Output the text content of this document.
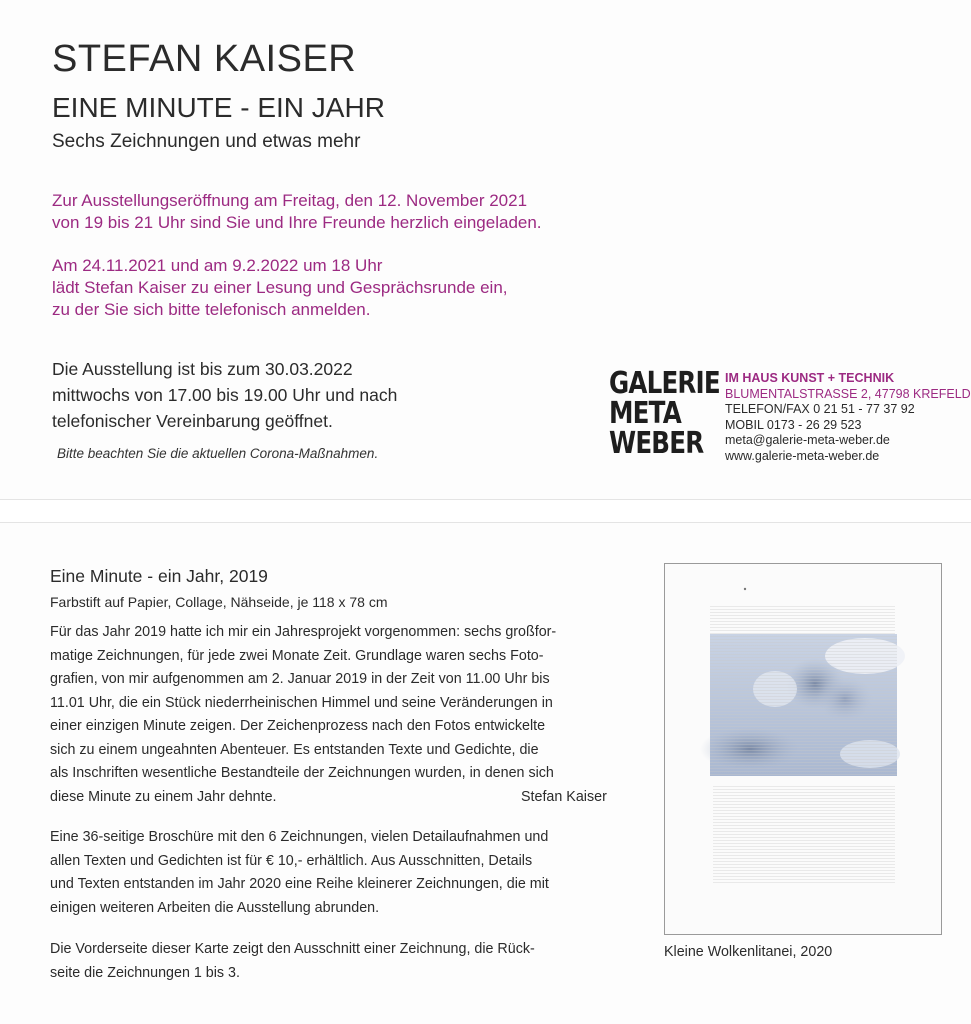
STEFAN KAISER
EINE MINUTE - EIN JAHR
Sechs Zeichnungen und etwas mehr
Zur Ausstellungseröffnung am Freitag, den 12. November 2021
von 19 bis 21 Uhr sind Sie und Ihre Freunde herzlich eingeladen.
Am 24.11.2021 und am 9.2.2022 um 18 Uhr
lädt Stefan Kaiser zu einer Lesung und Gesprächsrunde ein,
zu der Sie sich bitte telefonisch anmelden.
Die Ausstellung ist bis zum 30.03.2022
mittwochs von 17.00 bis 19.00 Uhr und nach
telefonischer Vereinbarung geöffnet.
Bitte beachten Sie die aktuellen Corona-Maßnahmen.
GALERIE
META
WEBER
IM HAUS KUNST + TECHNIK
BLUMENTALSTRASSE 2, 47798 KREFELD
TELEFON/FAX 0 21 51 - 77 37 92
MOBIL 0173 - 26 29 523
meta@galerie-meta-weber.de
www.galerie-meta-weber.de
Eine Minute - ein Jahr, 2019
Farbstift auf Papier, Collage, Nähseide, je 118 x 78 cm
Für das Jahr 2019 hatte ich mir ein Jahresprojekt vorgenommen: sechs großfor-
matige Zeichnungen, für jede zwei Monate Zeit. Grundlage waren sechs Foto-
grafien, von mir aufgenommen am 2. Januar 2019 in der Zeit von 11.00 Uhr bis
11.01 Uhr, die ein Stück niederrheinischen Himmel und seine Veränderungen in
einer einzigen Minute zeigen. Der Zeichenprozess nach den Fotos entwickelte
sich zu einem ungeahnten Abenteuer. Es entstanden Texte und Gedichte, die
als Inschriften wesentliche Bestandteile der Zeichnungen wurden, in denen sich
diese Minute zu einem Jahr dehnte.	Stefan Kaiser
Eine 36-seitige Broschüre mit den 6 Zeichnungen, vielen Detailaufnahmen und
allen Texten und Gedichten ist für € 10,- erhältlich. Aus Ausschnitten, Details
und Texten entstanden im Jahr 2020 eine Reihe kleinerer Zeichnungen, die mit
einigen weiteren Arbeiten die Ausstellung abrunden.
Die Vorderseite dieser Karte zeigt den Ausschnitt einer Zeichnung, die Rück-
seite die Zeichnungen 1 bis 3.
Kleine Wolkenlitanei, 2020
